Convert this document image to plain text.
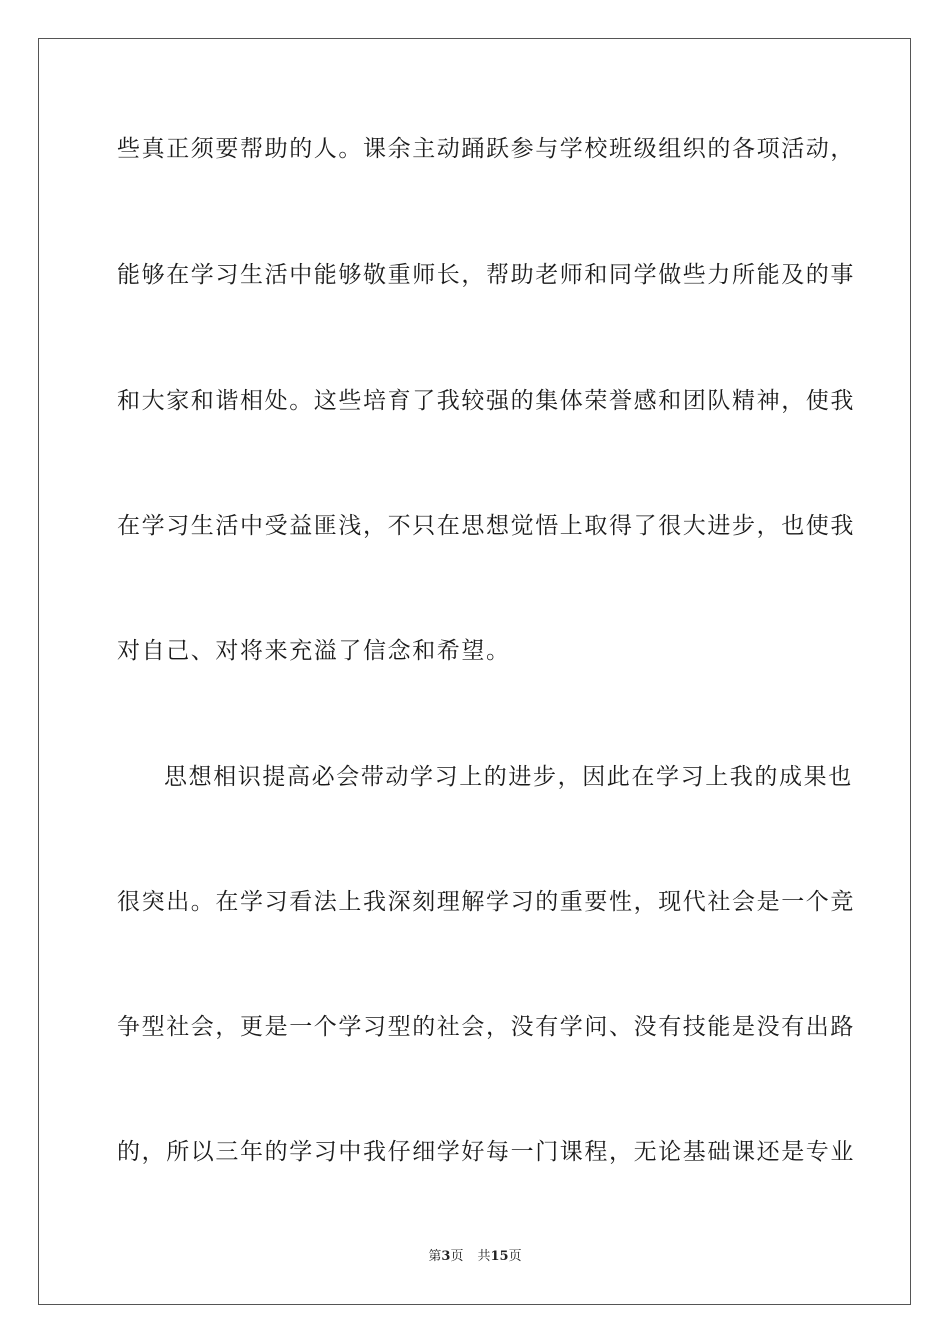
些真正须要帮助的人。课余主动踊跃参与学校班级组织的各项活动，
能够在学习生活中能够敬重师长，帮助老师和同学做些力所能及的事
和大家和谐相处。这些培育了我较强的集体荣誉感和团队精神，使我
在学习生活中受益匪浅，不只在思想觉悟上取得了很大进步，也使我
对自己、对将来充溢了信念和希望。
思想相识提高必会带动学习上的进步，因此在学习上我的成果也
很突出。在学习看法上我深刻理解学习的重要性，现代社会是一个竞
争型社会，更是一个学习型的社会，没有学问、没有技能是没有出路
的，所以三年的学习中我仔细学好每一门课程，无论基础课还是专业
第3页 共15页
